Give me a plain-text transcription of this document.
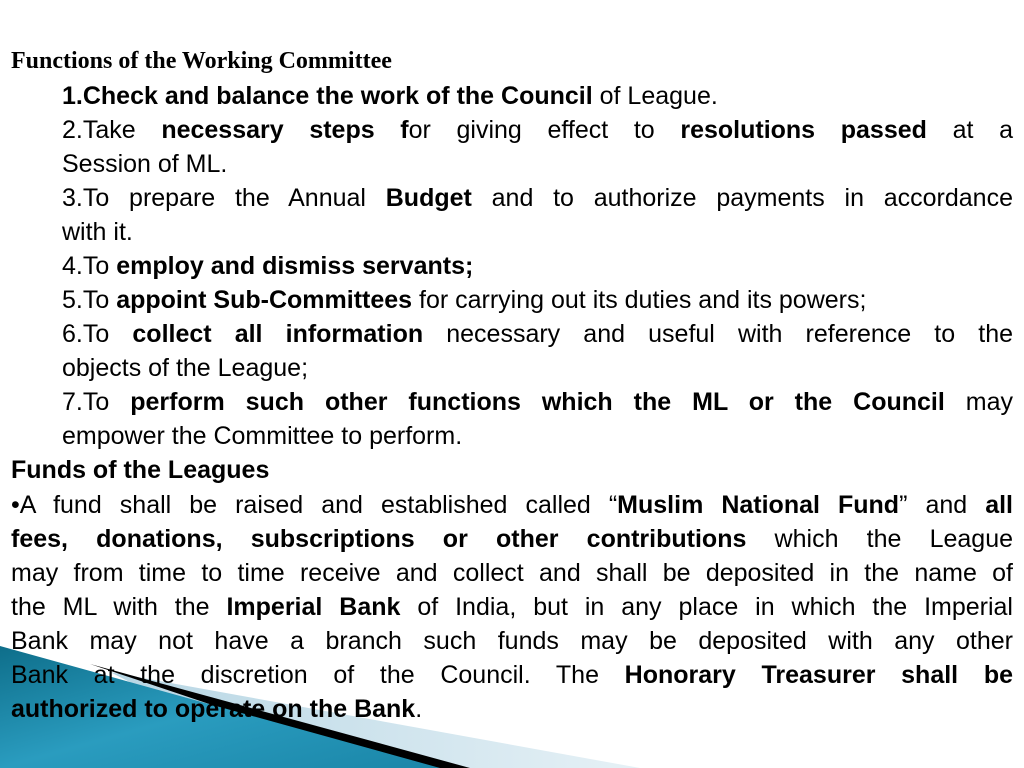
Functions of the Working Committee
1.Check and balance the work of the Council of League.
2.Take necessary steps for giving effect to resolutions passed at a
Session of ML.
3.To prepare the Annual Budget and to authorize payments in accordance
with it.
4.To employ and dismiss servants;
5.To appoint Sub-Committees for carrying out its duties and its powers;
6.To collect all information necessary and useful with reference to the
objects of the League;
7.To perform such other functions which the ML or the Council may
empower the Committee to perform.
Funds of the Leagues
•A fund shall be raised and established called “Muslim National Fund” and all
fees, donations, subscriptions or other contributions which the League
may from time to time receive and collect and shall be deposited in the name of
the ML with the Imperial Bank of India, but in any place in which the Imperial
Bank may not have a branch such funds may be deposited with any other
Bank at the discretion of the Council. The Honorary Treasurer shall be
authorized to operate on the Bank.
